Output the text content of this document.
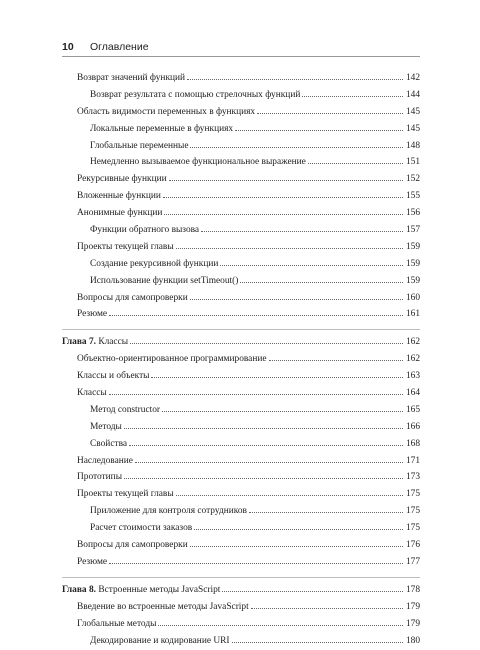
10 Оглавление
Возврат значений функций	142
Возврат результата с помощью стрелочных функций	144
Область видимости переменных в функциях	145
Локальные переменные в функциях	145
Глобальные переменные	148
Немедленно вызываемое функциональное выражение	151
Рекурсивные функции	152
Вложенные функции	155
Анонимные функции	156
Функции обратного вызова	157
Проекты текущей главы	159
Создание рекурсивной функции	159
Использование функции setTimeout()	159
Вопросы для самопроверки	160
Резюме	161
Глава 7. Классы	162
Объектно-ориентированное программирование	162
Классы и объекты	163
Классы	164
Метод constructor	165
Методы	166
Свойства	168
Наследование	171
Прототипы	173
Проекты текущей главы	175
Приложение для контроля сотрудников	175
Расчет стоимости заказов	175
Вопросы для самопроверки	176
Резюме	177
Глава 8. Встроенные методы JavaScript	178
Введение во встроенные методы JavaScript	179
Глобальные методы	179
Декодирование и кодирование URI	180
